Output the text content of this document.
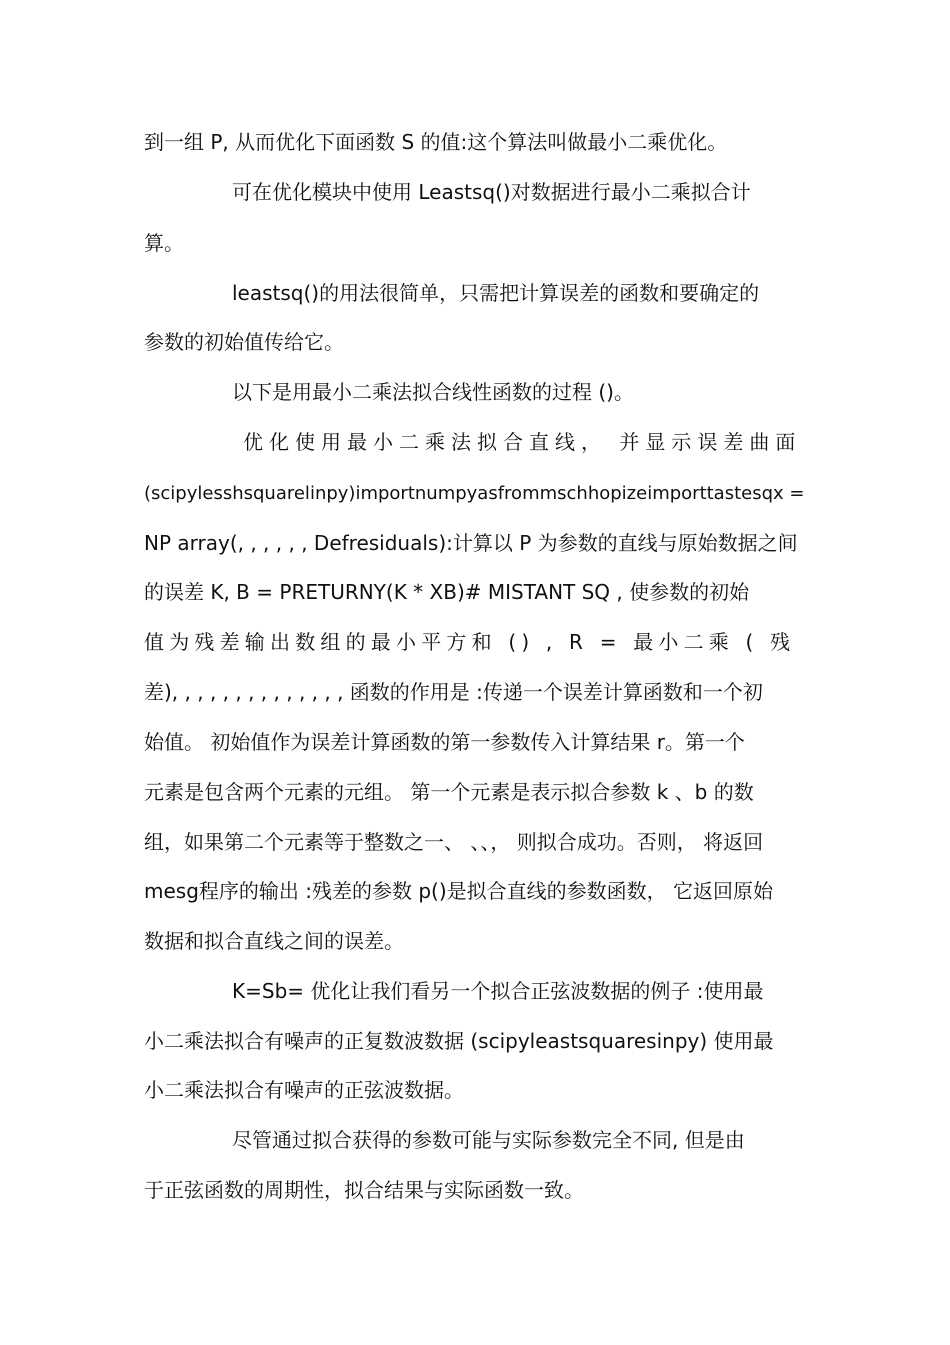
到一组 P, 从而优化下面函数 S 的值:这个算法叫做最小二乘优化。
可在优化模块中使用 Leastsq()对数据进行最小二乘拟合计
算。
leastsq()的用法很简单，只需把计算误差的函数和要确定的
参数的初始值传给它。
以下是用最小二乘法拟合线性函数的过程 ()。
优化使用最小二乘法拟合直线， 并显示误差曲面
(scipylesshsquarelinpy)importnumpyasfrommschhopizeimporttastesqx =
NP array(, , , , , , Defresiduals):计算以 P 为参数的直线与原始数据之间
的误差 K, B = PRETURNY(K * XB)# MISTANT SQ , 使参数的初始
值为残差输出数组的最小平方和 () , R = 最小二乘 ( 残
差), , , , , , , , , , , , , , 函数的作用是 :传递一个误差计算函数和一个初
始值。 初始值作为误差计算函数的第一参数传入计算结果 r。第一个
元素是包含两个元素的元组。 第一个元素是表示拟合参数 k 、b 的数
组，如果第二个元素等于整数之一、 、、， 则拟合成功。否则， 将返回
mesg程序的输出 :残差的参数 p()是拟合直线的参数函数， 它返回原始
数据和拟合直线之间的误差。
K=Sb= 优化让我们看另一个拟合正弦波数据的例子 :使用最
小二乘法拟合有噪声的正复数波数据 (scipyleastsquaresinpy) 使用最
小二乘法拟合有噪声的正弦波数据。
尽管通过拟合获得的参数可能与实际参数完全不同, 但是由
于正弦函数的周期性，拟合结果与实际函数一致。
